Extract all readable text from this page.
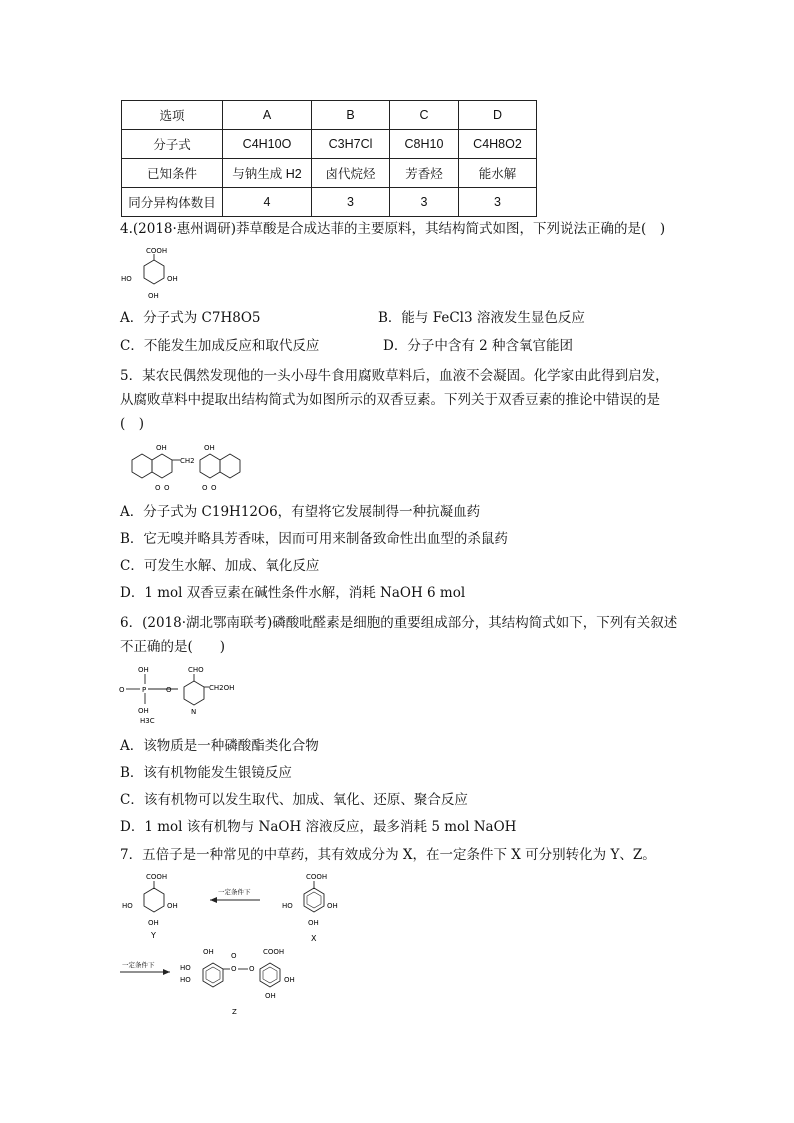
选项	A	B	C	D
分子式	C4H10O	C3H7Cl	C8H10	C4H8O2
已知条件	与钠生成 H2	卤代烷烃	芳香烃	能水解
同分异构体数目	4	3	3	3
4.(2018·惠州调研)莽草酸是合成达菲的主要原料，其结构简式如图，下列说法正确的是(　)
COOH
HO	OH
OH
A．分子式为 C7H8O5	B．能与 FeCl3 溶液发生显色反应
C．不能发生加成反应和取代反应	D．分子中含有 2 种含氧官能团
5．某农民偶然发现他的一头小母牛食用腐败草料后，血液不会凝固。化学家由此得到启发，从腐败草料中提取出结构简式为如图所示的双香豆素。下列关于双香豆素的推论中错误的是(　)
OH	OH
CH2
O O	O O
A．分子式为 C19H12O6，有望将它发展制得一种抗凝血药
B．它无嗅并略具芳香味，因而可用来制备致命性出血型的杀鼠药
C．可发生水解、加成、氧化反应
D．1 mol 双香豆素在碱性条件水解，消耗 NaOH 6 mol
6．(2018·湖北鄂南联考)磷酸吡醛素是细胞的重要组成部分，其结构简式如下，下列有关叙述不正确的是(　　)
OH	CHO
O P	O	CH2OH
OH	N
H3C
A．该物质是一种磷酸酯类化合物
B．该有机物能发生银镜反应
C．该有机物可以发生取代、加成、氧化、还原、聚合反应
D．1 mol 该有机物与 NaOH 溶液反应，最多消耗 5 mol NaOH
7．五倍子是一种常见的中草药，其有效成分为 X，在一定条件下 X 可分别转化为 Y、Z。
COOH
HO	OH
OH
Y
一定条件下
COOH
HO	OH
OH
X
一定条件下	O
O
O
COOH
OH
HO
HO	OH
OH
Z
